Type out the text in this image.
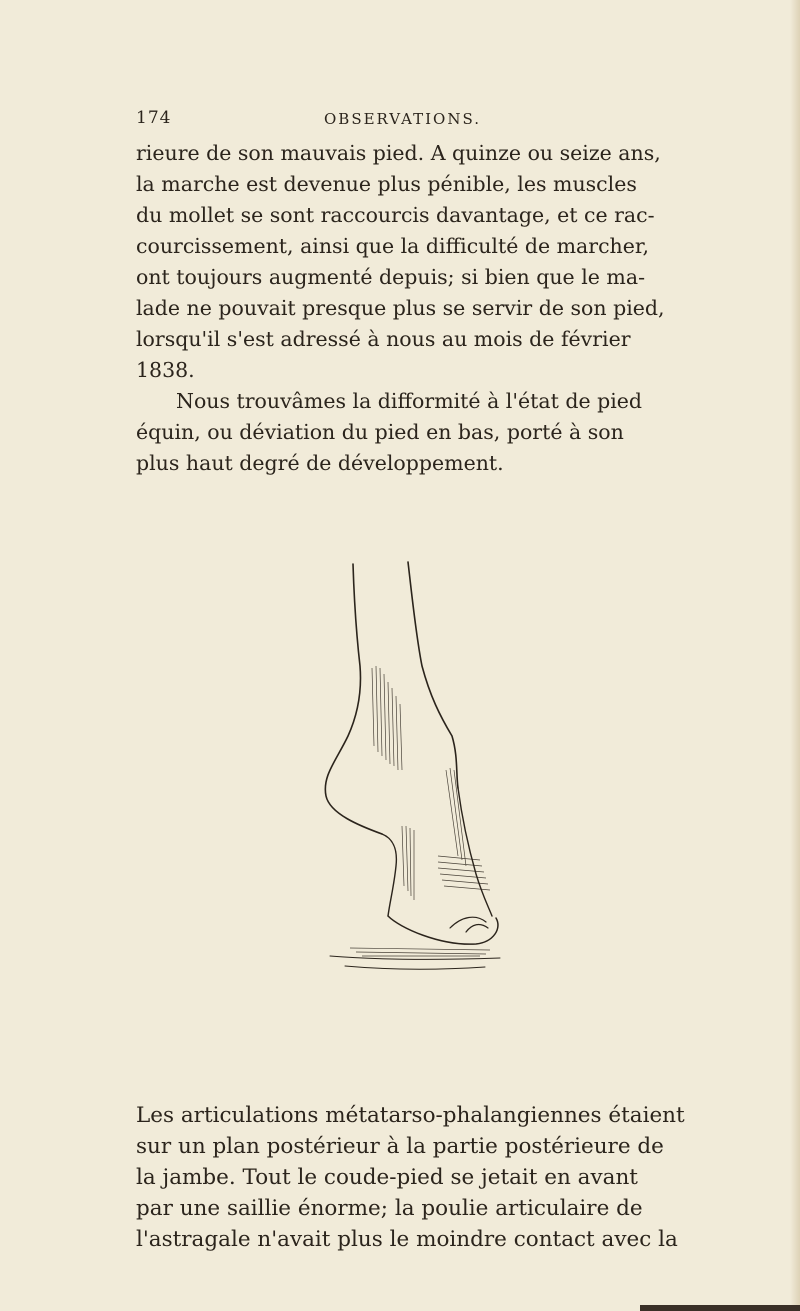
174	OBSERVATIONS.

rieure de son mauvais pied. A quinze ou seize ans,
la marche est devenue plus pénible, les muscles
du mollet se sont raccourcis davantage, et ce rac-
courcissement, ainsi que la difficulté de marcher,
ont toujours augmenté depuis; si bien que le ma-
lade ne pouvait presque plus se servir de son pied,
lorsqu'il s'est adressé à nous au mois de février
1838.

Nous trouvâmes la difformité à l'état de pied
équin, ou déviation du pied en bas, porté à son
plus haut degré de développement.

Les articulations métatarso-phalangiennes étaient
sur un plan postérieur à la partie postérieure de
la jambe. Tout le coude-pied se jetait en avant
par une saillie énorme; la poulie articulaire de
l'astragale n'avait plus le moindre contact avec la
